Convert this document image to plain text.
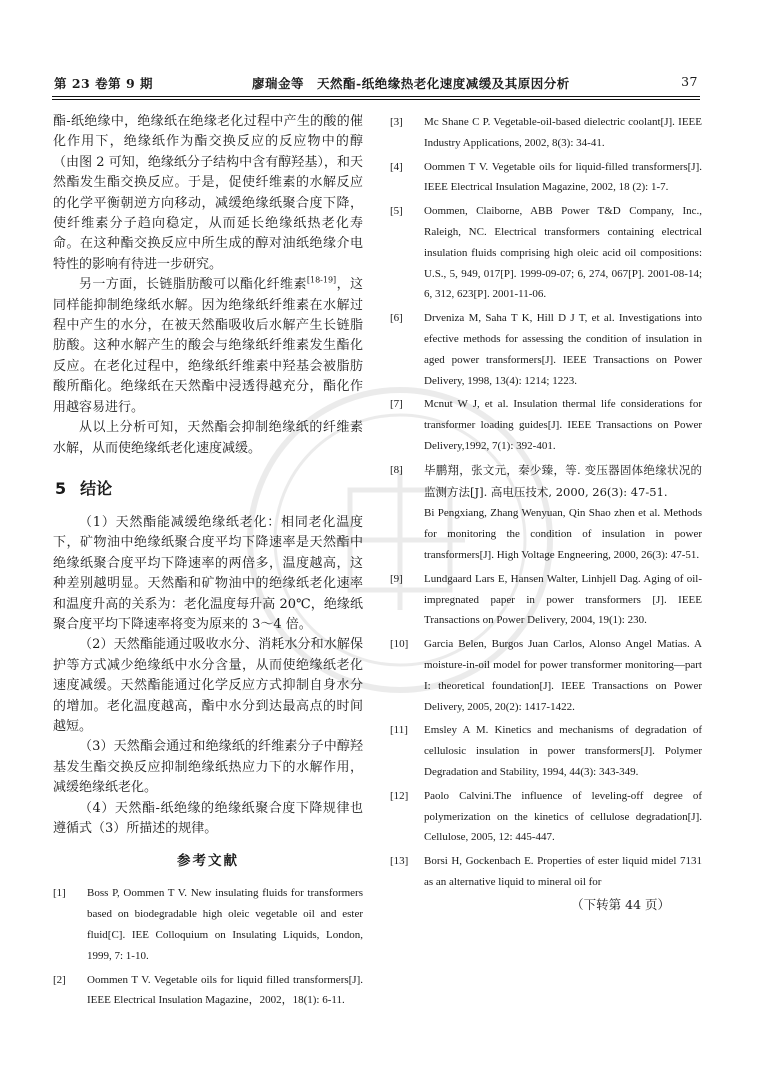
第 23 卷第 9 期	廖瑞金等　天然酯-纸绝缘热老化速度减缓及其原因分析	37

酯-纸绝缘中，绝缘纸在绝缘老化过程中产生的酸的催化作用下，绝缘纸作为酯交换反应的反应物中的醇（由图 2 可知，绝缘纸分子结构中含有醇羟基），和天然酯发生酯交换反应。于是，促使纤维素的水解反应的化学平衡朝逆方向移动，减缓绝缘纸聚合度下降，使纤维素分子趋向稳定，从而延长绝缘纸热老化寿命。在这种酯交换反应中所生成的醇对油纸绝缘介电特性的影响有待进一步研究。

另一方面，长链脂肪酸可以酯化纤维素[18-19]，这同样能抑制绝缘纸水解。因为绝缘纸纤维素在水解过程中产生的水分，在被天然酯吸收后水解产生长链脂肪酸。这种水解产生的酸会与绝缘纸纤维素发生酯化反应。在老化过程中，绝缘纸纤维素中羟基会被脂肪酸所酯化。绝缘纸在天然酯中浸透得越充分，酯化作用越容易进行。

从以上分析可知，天然酯会抑制绝缘纸的纤维素水解，从而使绝缘纸老化速度减缓。

5 结论

（1）天然酯能减缓绝缘纸老化：相同老化温度下，矿物油中绝缘纸聚合度平均下降速率是天然酯中绝缘纸聚合度平均下降速率的两倍多，温度越高，这种差别越明显。天然酯和矿物油中的绝缘纸老化速率和温度升高的关系为：老化温度每升高 20℃，绝缘纸聚合度平均下降速率将变为原来的 3～4 倍。

（2）天然酯能通过吸收水分、消耗水分和水解保护等方式减少绝缘纸中水分含量，从而使绝缘纸老化速度减缓。天然酯能通过化学反应方式抑制自身水分的增加。老化温度越高，酯中水分到达最高点的时间越短。

（3）天然酯会通过和绝缘纸的纤维素分子中醇羟基发生酯交换反应抑制绝缘纸热应力下的水解作用，减缓绝缘纸老化。

（4）天然酯-纸绝缘的绝缘纸聚合度下降规律也遵循式（3）所描述的规律。

参考文献
[1] Boss P, Oommen T V. New insulating fluids for transformers based on biodegradable high oleic vegetable oil and ester fluid[C]. IEE Colloquium on Insulating Liquids, London, 1999, 7: 1-10.
[2] Oommen T V. Vegetable oils for liquid filled transformers[J]. IEEE Electrical Insulation Magazine，2002，18(1): 6-11.
[3] Mc Shane C P. Vegetable-oil-based dielectric coolant[J]. IEEE Industry Applications, 2002, 8(3): 34-41.
[4] Oommen T V. Vegetable oils for liquid-filled transformers[J]. IEEE Electrical Insulation Magazine, 2002, 18 (2): 1-7.
[5] Oommen, Claiborne, ABB Power T&D Company, Inc., Raleigh, NC. Electrical transformers containing electrical insulation fluids comprising high oleic acid oil compositions: U.S., 5, 949, 017[P]. 1999-09-07; 6, 274, 067[P]. 2001-08-14; 6, 312, 623[P]. 2001-11-06.
[6] Drveniza M, Saha T K, Hill D J T, et al. Investigations into efective methods for assessing the condition of insulation in aged power transformers[J]. IEEE Transactions on Power Delivery, 1998, 13(4): 1214; 1223.
[7] Mcnut W J, et al. Insulation thermal life considerations for transformer loading guides[J]. IEEE Transactions on Power Delivery,1992, 7(1): 392-401.
[8] 毕鹏翔，张文元，秦少臻，等. 变压器固体绝缘状况的监测方法[J]. 高电压技术, 2000, 26(3): 47-51.
Bi Pengxiang, Zhang Wenyuan, Qin Shao zhen et al. Methods for monitoring the condition of insulation in power transformers[J]. High Voltage Engneering, 2000, 26(3): 47-51.
[9] Lundgaard Lars E, Hansen Walter, Linhjell Dag. Aging of oil-impregnated paper in power transformers [J]. IEEE Transactions on Power Delivery, 2004, 19(1): 230.
[10] Garcia Belen, Burgos Juan Carlos, Alonso Angel Matias. A moisture-in-oil model for power transformer monitoring—part I: theoretical foundation[J]. IEEE Transactions on Power Delivery, 2005, 20(2): 1417-1422.
[11] Emsley A M. Kinetics and mechanisms of degradation of cellulosic insulation in power transformers[J]. Polymer Degradation and Stability, 1994, 44(3): 343-349.
[12] Paolo Calvini.The influence of leveling-off degree of polymerization on the kinetics of cellulose degradation[J]. Cellulose, 2005, 12: 445-447.
[13] Borsi H, Gockenbach E. Properties of ester liquid midel 7131 as an alternative liquid to mineral oil for
（下转第 44 页）
